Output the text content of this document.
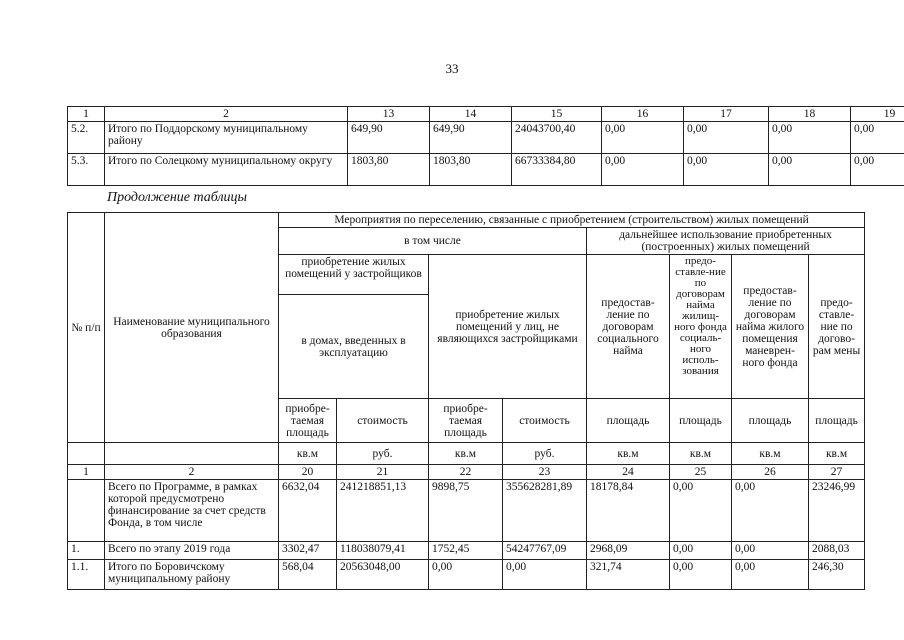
33
1	2	13	14	15	16	17	18	19
5.2.	Итого по Поддорскому муниципальному району	649,90	649,90	24043700,40	0,00	0,00	0,00	0,00
5.3.	Итого по Солецкому муниципальному округу	1803,80	1803,80	66733384,80	0,00	0,00	0,00	0,00
Продолжение таблицы
№ п/п	Наименование муниципального образования	Мероприятия по переселению, связанные с приобретением (строительством) жилых помещений							
		в том числе				дальнейшее использование приобретенных (построенных) жилых помещений			
		приобретение жилых помещений у застройщиков		приобретение жилых помещений у лиц, не являющихся застройщиками		предостав-ление по договорам социального найма	предо-ставле-ние по договорам найма жилищ-ного фонда социаль-ного исполь-зования	предостав-ление по договорам найма жилого помещения маневрен-ного фонда	предо-ставле-ние по догово-рам мены
		в домах, введенных в эксплуатацию							
		приобре-таемая площадь	стоимость	приобре-таемая площадь	стоимость	площадь	площадь	площадь	площадь
		кв.м	руб.	кв.м	руб.	кв.м	кв.м	кв.м	кв.м
1	2	20	21	22	23	24	25	26	27
	Всего по Программе, в рамках которой предусмотрено финансирование за счет средств Фонда, в том числе	6632,04	241218851,13	9898,75	355628281,89	18178,84	0,00	0,00	23246,99
1.	Всего по этапу 2019 года	3302,47	118038079,41	1752,45	54247767,09	2968,09	0,00	0,00	2088,03
1.1.	Итого по Боровичскому муниципальному району	568,04	20563048,00	0,00	0,00	321,74	0,00	0,00	246,30
